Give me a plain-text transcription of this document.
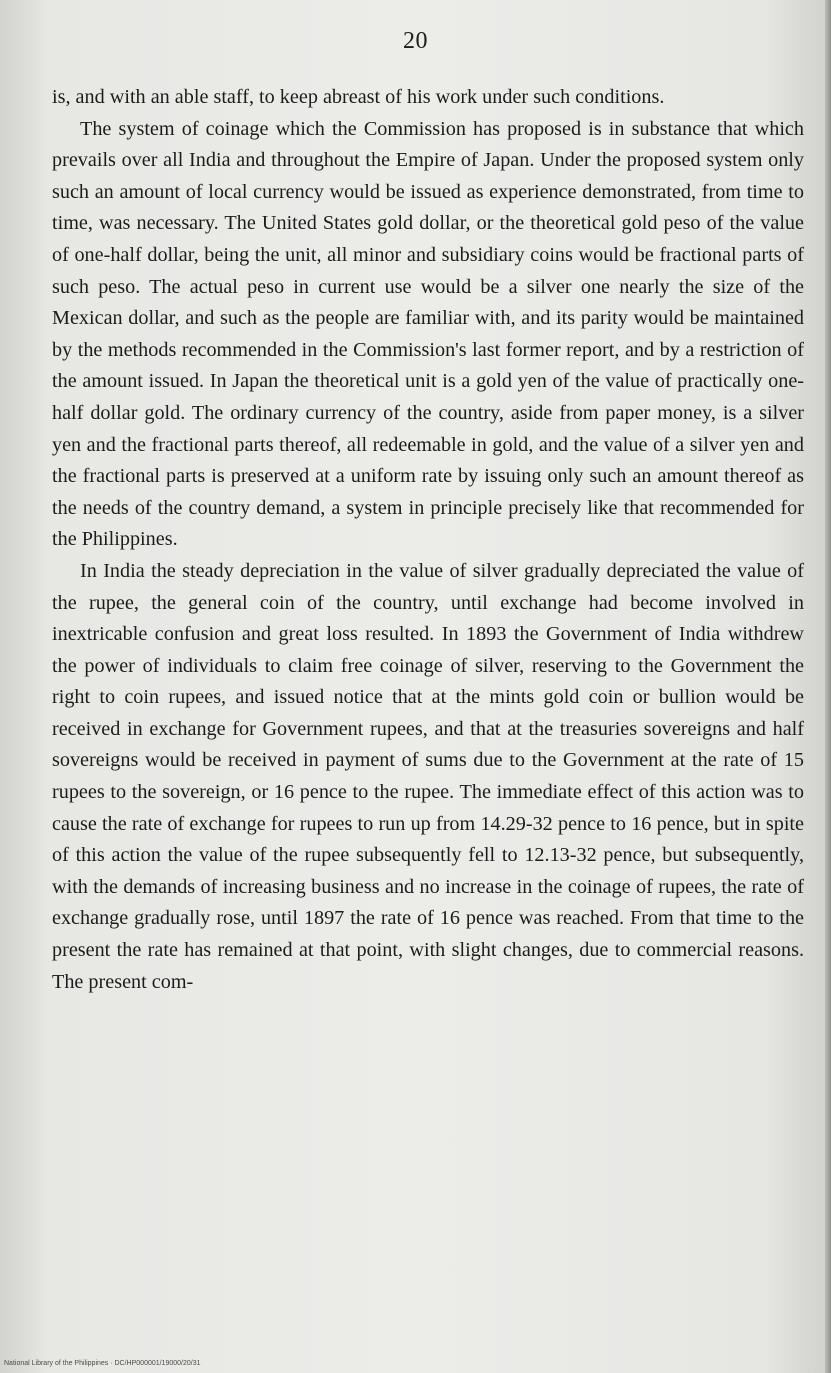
20

is, and with an able staff, to keep abreast of his work under such conditions.

The system of coinage which the Commission has proposed is in substance that which prevails over all India and throughout the Empire of Japan. Under the proposed system only such an amount of local currency would be issued as experience demonstrated, from time to time, was necessary. The United States gold dollar, or the theoretical gold peso of the value of one-half dollar, being the unit, all minor and subsidiary coins would be fractional parts of such peso. The actual peso in current use would be a silver one nearly the size of the Mexican dollar, and such as the people are familiar with, and its parity would be maintained by the methods recommended in the Commission's last former report, and by a restriction of the amount issued. In Japan the theoretical unit is a gold yen of the value of practically one-half dollar gold. The ordinary currency of the country, aside from paper money, is a silver yen and the fractional parts thereof, all redeemable in gold, and the value of a silver yen and the fractional parts is preserved at a uniform rate by issuing only such an amount thereof as the needs of the country demand, a system in principle precisely like that recommended for the Philippines.

In India the steady depreciation in the value of silver gradually depreciated the value of the rupee, the general coin of the country, until exchange had become involved in inextricable confusion and great loss resulted. In 1893 the Government of India withdrew the power of individuals to claim free coinage of silver, reserving to the Government the right to coin rupees, and issued notice that at the mints gold coin or bullion would be received in exchange for Government rupees, and that at the treasuries sovereigns and half sovereigns would be received in payment of sums due to the Government at the rate of 15 rupees to the sovereign, or 16 pence to the rupee. The immediate effect of this action was to cause the rate of exchange for rupees to run up from 14.29-32 pence to 16 pence, but in spite of this action the value of the rupee subsequently fell to 12.13-32 pence, but subsequently, with the demands of increasing business and no increase in the coinage of rupees, the rate of exchange gradually rose, until 1897 the rate of 16 pence was reached. From that time to the present the rate has remained at that point, with slight changes, due to commercial reasons. The present com-

National Library of the Philippines · DC/HP000001/19000/20/31
